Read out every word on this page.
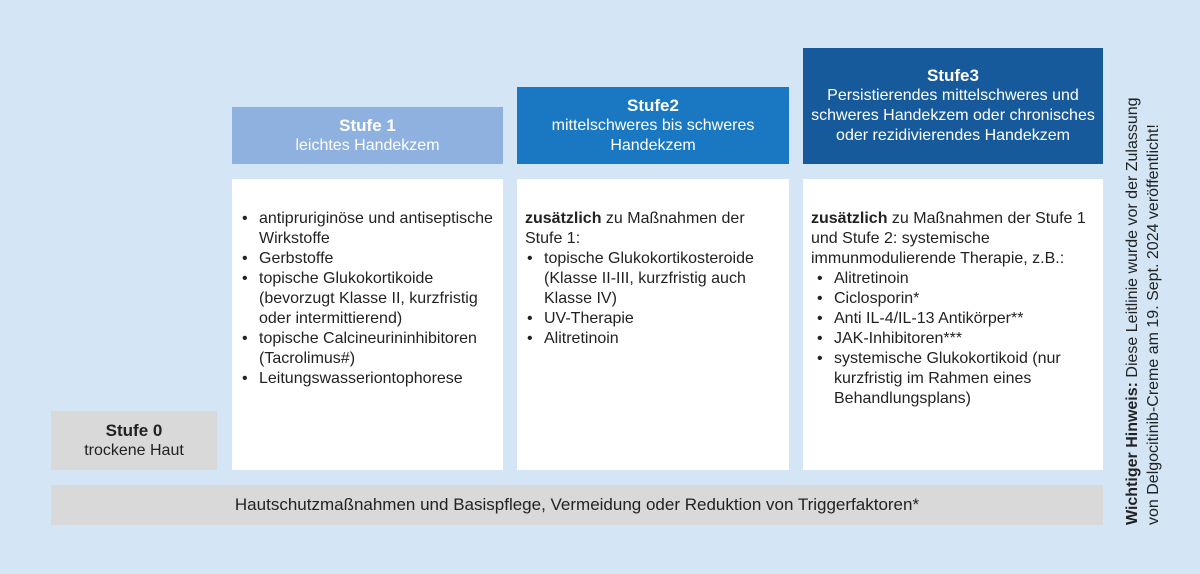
Stufe 1
leichtes Handekzem
Stufe2
mittelschweres bis schweres Handekzem
Stufe3
Persistierendes mittelschweres und schweres Handekzem oder chronisches oder rezidivierendes Handekzem
• antipruriginöse und antiseptische Wirkstoffe
• Gerbstoffe
• topische Glukokortikoide (bevorzugt Klasse II, kurzfristig oder intermittierend)
• topische Calcineurininhibitoren (Tacrolimus#)
• Leitungswasseriontophorese

zusätzlich zu Maßnahmen der Stufe 1:

• topische Glukokortikosteroide (Klasse II-III, kurzfristig auch Klasse IV)
• UV-Therapie
• Alitretinoin

zusätzlich zu Maßnahmen der Stufe 1 und Stufe 2: systemische immunmodulierende Therapie, z.B.:

• Alitretinoin
• Ciclosporin*
• Anti IL-4/IL-13 Antikörper**
• JAK-Inhibitoren***
• systemische Glukokortikoid (nur kurzfristig im Rahmen eines Behandlungsplans)
Stufe 0
trockene Haut
Hautschutzmaßnahmen und Basispflege, Vermeidung oder Reduktion von Triggerfaktoren*	Wichtiger Hinweis: Diese Leitlinie wurde vor der Zulassung von Delgocitinib-Creme am 19. Sept. 2024 veröffentlicht!
